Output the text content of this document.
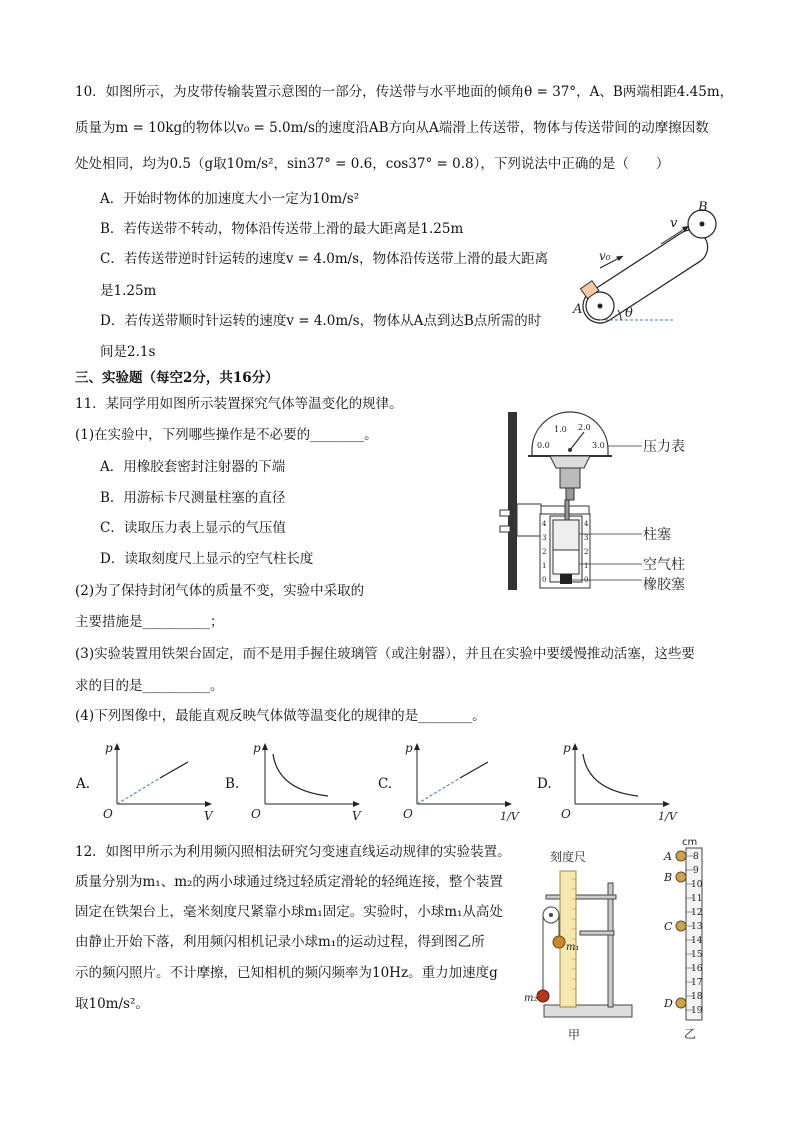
10．如图所示，为皮带传输装置示意图的一部分，传送带与水平地面的倾角θ = 37°，A、B两端相距4.45m，
质量为m = 10kg的物体以v₀ = 5.0m/s的速度沿AB方向从A端滑上传送带，物体与传送带间的动摩擦因数
处处相同，均为0.5（g取10m/s²，sin37° = 0.6，cos37° = 0.8），下列说法中正确的是（　　）
A．开始时物体的加速度大小一定为10m/s²
B．若传送带不转动，物体沿传送带上滑的最大距离是1.25m
C．若传送带逆时针运转的速度v = 4.0m/s，物体沿传送带上滑的最大距离
是1.25m
D．若传送带顺时针运转的速度v = 4.0m/s，物体从A点到达B点所需的时
间是2.1s
B
A
v
v₀
θ
三、实验题（每空2分，共16分）
11．某同学用如图所示装置探究气体等温变化的规律。
(1)在实验中，下列哪些操作是不必要的________。
A．用橡胶套密封注射器的下端
B．用游标卡尺测量柱塞的直径
C．读取压力表上显示的气压值
D．读取刻度尺上显示的空气柱长度
(2)为了保持封闭气体的质量不变，实验中采取的
主要措施是__________；
(3)实验装置用铁架台固定，而不是用手握住玻璃管（或注射器），并且在实验中要缓慢推动活塞，这些要
求的目的是__________。
(4)下列图像中，最能直观反映气体做等温变化的规律的是________。
1.0 2.0
0.0	3.0
4
3
2
1
0
4
3
2
1
0
压力表
柱塞
空气柱
橡胶塞
A.
p
O	V
B.
p
O	V
C.
p
O	1/V
D.
p
O	1/V
12．如图甲所示为利用频闪照相法研究匀变速直线运动规律的实验装置。
质量分别为m₁、m₂的两小球通过绕过轻质定滑轮的轻绳连接，整个装置
固定在铁架台上，毫米刻度尺紧靠小球m₁固定。实验时，小球m₁从高处
由静止开始下落，利用频闪相机记录小球m₁的运动过程，得到图乙所
示的频闪照片。不计摩擦，已知相机的频闪频率为10Hz。重力加速度g
取10m/s²。
刻度尺
m₁
m₂
甲
cm
8
9
10
11
12
13
14
15
16
17
18
19
A
B
C
D
乙
